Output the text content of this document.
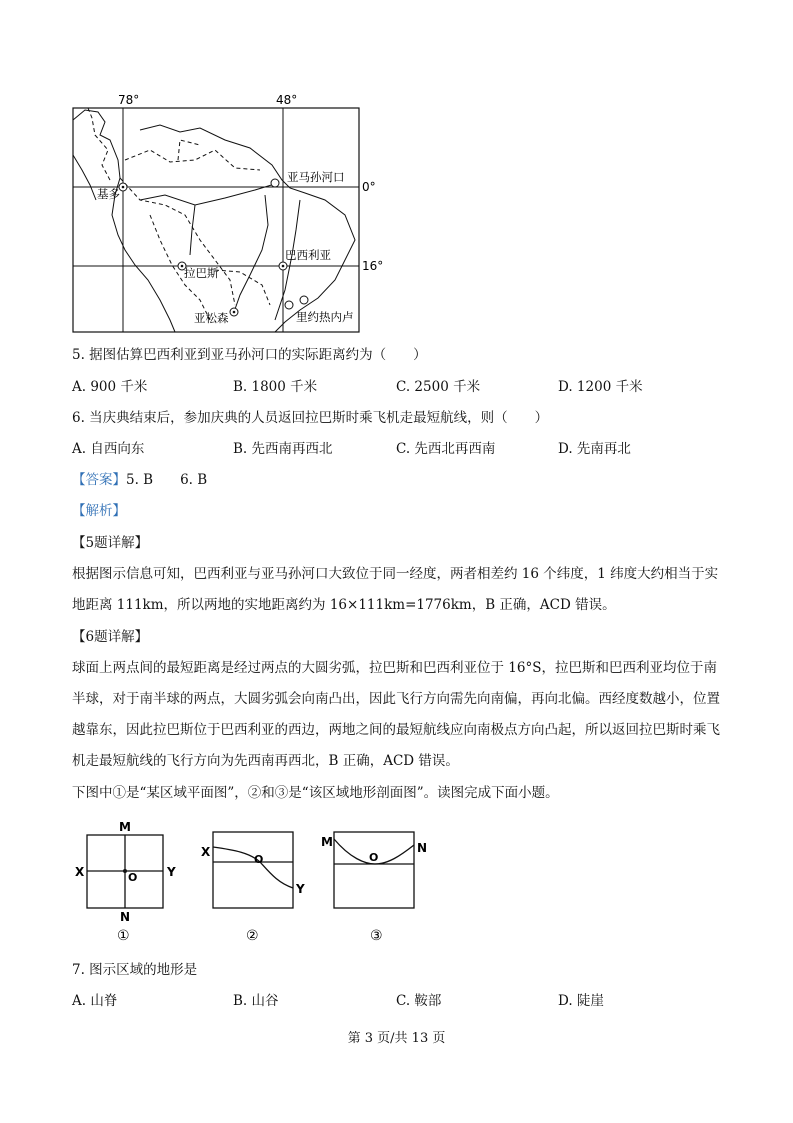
78°	48°
0°
16°
亚马孙河口
基多
巴西利亚
拉巴斯
亚松森	里约热内卢
5. 据图估算巴西利亚到亚马孙河口的实际距离约为（　　）
A. 900 千米	B. 1800 千米	C. 2500 千米	D. 1200 千米
6. 当庆典结束后，参加庆典的人员返回拉巴斯时乘飞机走最短航线，则（　　）
A. 自西向东	B. 先西南再西北	C. 先西北再西南	D. 先南再北
【答案】5. B　　6. B
【解析】
【5题详解】
根据图示信息可知，巴西利亚与亚马孙河口大致位于同一经度，两者相差约 16 个纬度，1 纬度大约相当于实地距离 111km，所以两地的实地距离约为 16×111km=1776km，B 正确，ACD 错误。
【6题详解】
球面上两点间的最短距离是经过两点的大圆劣弧，拉巴斯和巴西利亚位于 16°S，拉巴斯和巴西利亚均位于南半球，对于南半球的两点，大圆劣弧会向南凸出，因此飞行方向需先向南偏，再向北偏。西经度数越小，位置越靠东，因此拉巴斯位于巴西利亚的西边，两地之间的最短航线应向南极点方向凸起，所以返回拉巴斯时乘飞机走最短航线的飞行方向为先西南再西北，B 正确，ACD 错误。
下图中①是“某区域平面图”，②和③是“该区域地形剖面图”。读图完成下面小题。
M
N
X	Y
O
①
X
Y
O
②
M	N
O
③
7. 图示区域的地形是
A. 山脊	B. 山谷	C. 鞍部	D. 陡崖
第 3 页/共 13 页
